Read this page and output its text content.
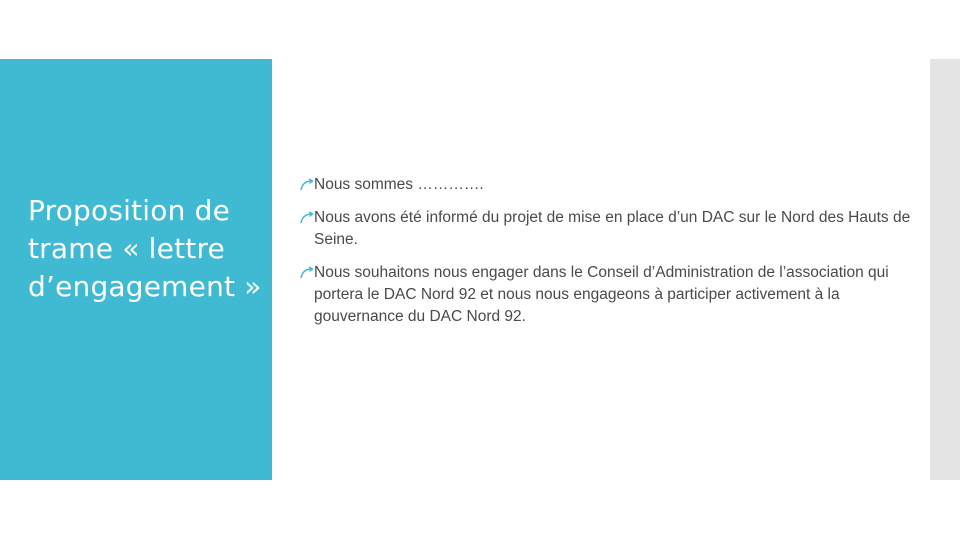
Proposition de trame « lettre d’engagement »
Nous sommes ………….
Nous avons été informé du projet de mise en place d’un DAC sur le Nord des Hauts de Seine.
Nous souhaitons nous engager dans le Conseil d’Administration de l’association qui portera le DAC Nord 92 et nous nous engageons à participer activement à la gouvernance du DAC Nord 92.
